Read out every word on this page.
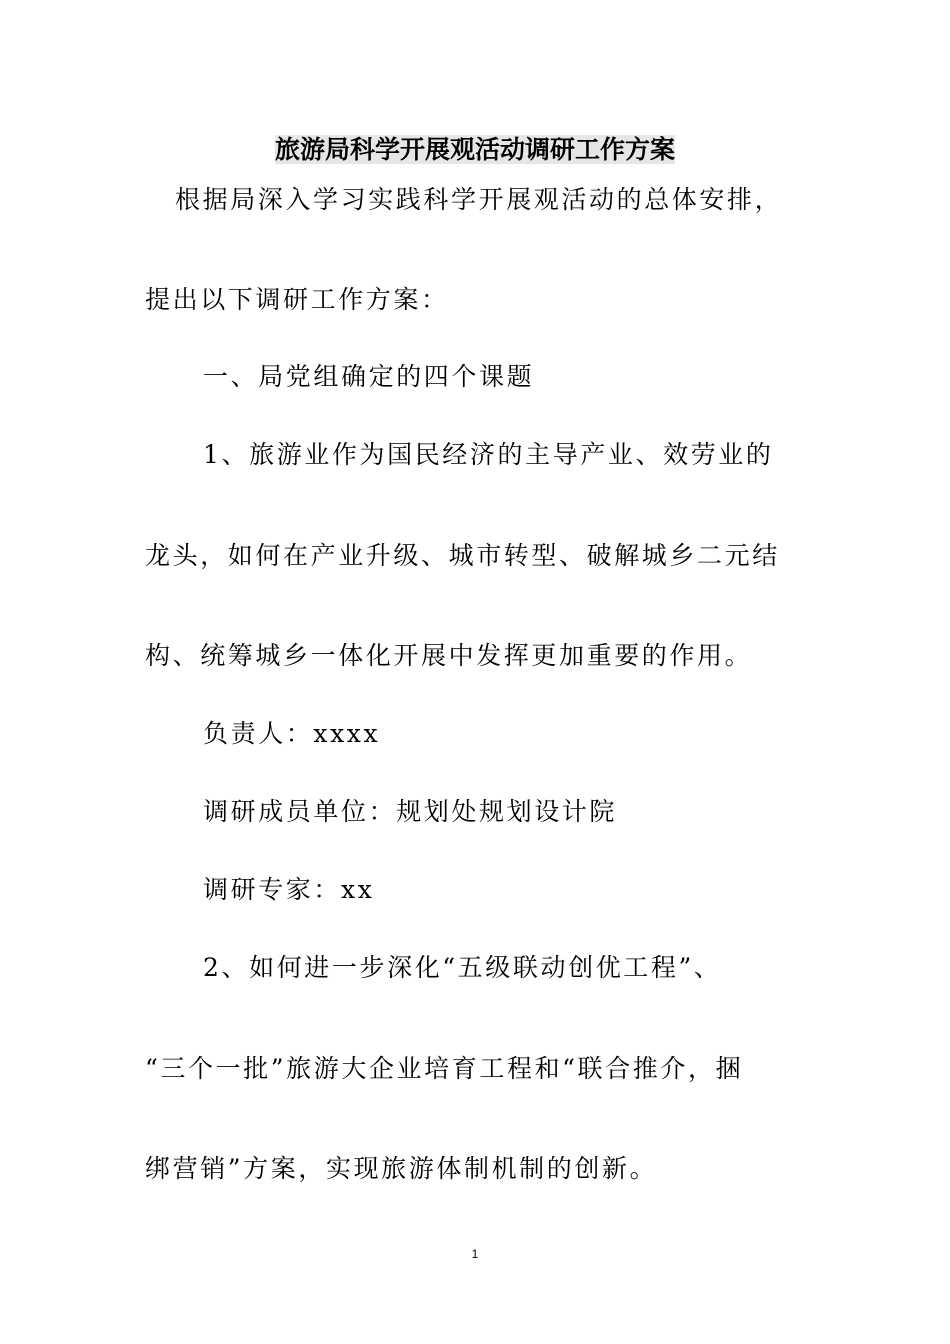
旅游局科学开展观活动调研工作方案
根据局深入学习实践科学开展观活动的总体安排，
提出以下调研工作方案：
一、局党组确定的四个课题
1、旅游业作为国民经济的主导产业、效劳业的
龙头，如何在产业升级、城市转型、破解城乡二元结
构、统筹城乡一体化开展中发挥更加重要的作用。
负责人：xxxx
调研成员单位：规划处规划设计院
调研专家：xx
2、如何进一步深化“五级联动创优工程”、
“三个一批”旅游大企业培育工程和“联合推介，捆
绑营销”方案，实现旅游体制机制的创新。
1
